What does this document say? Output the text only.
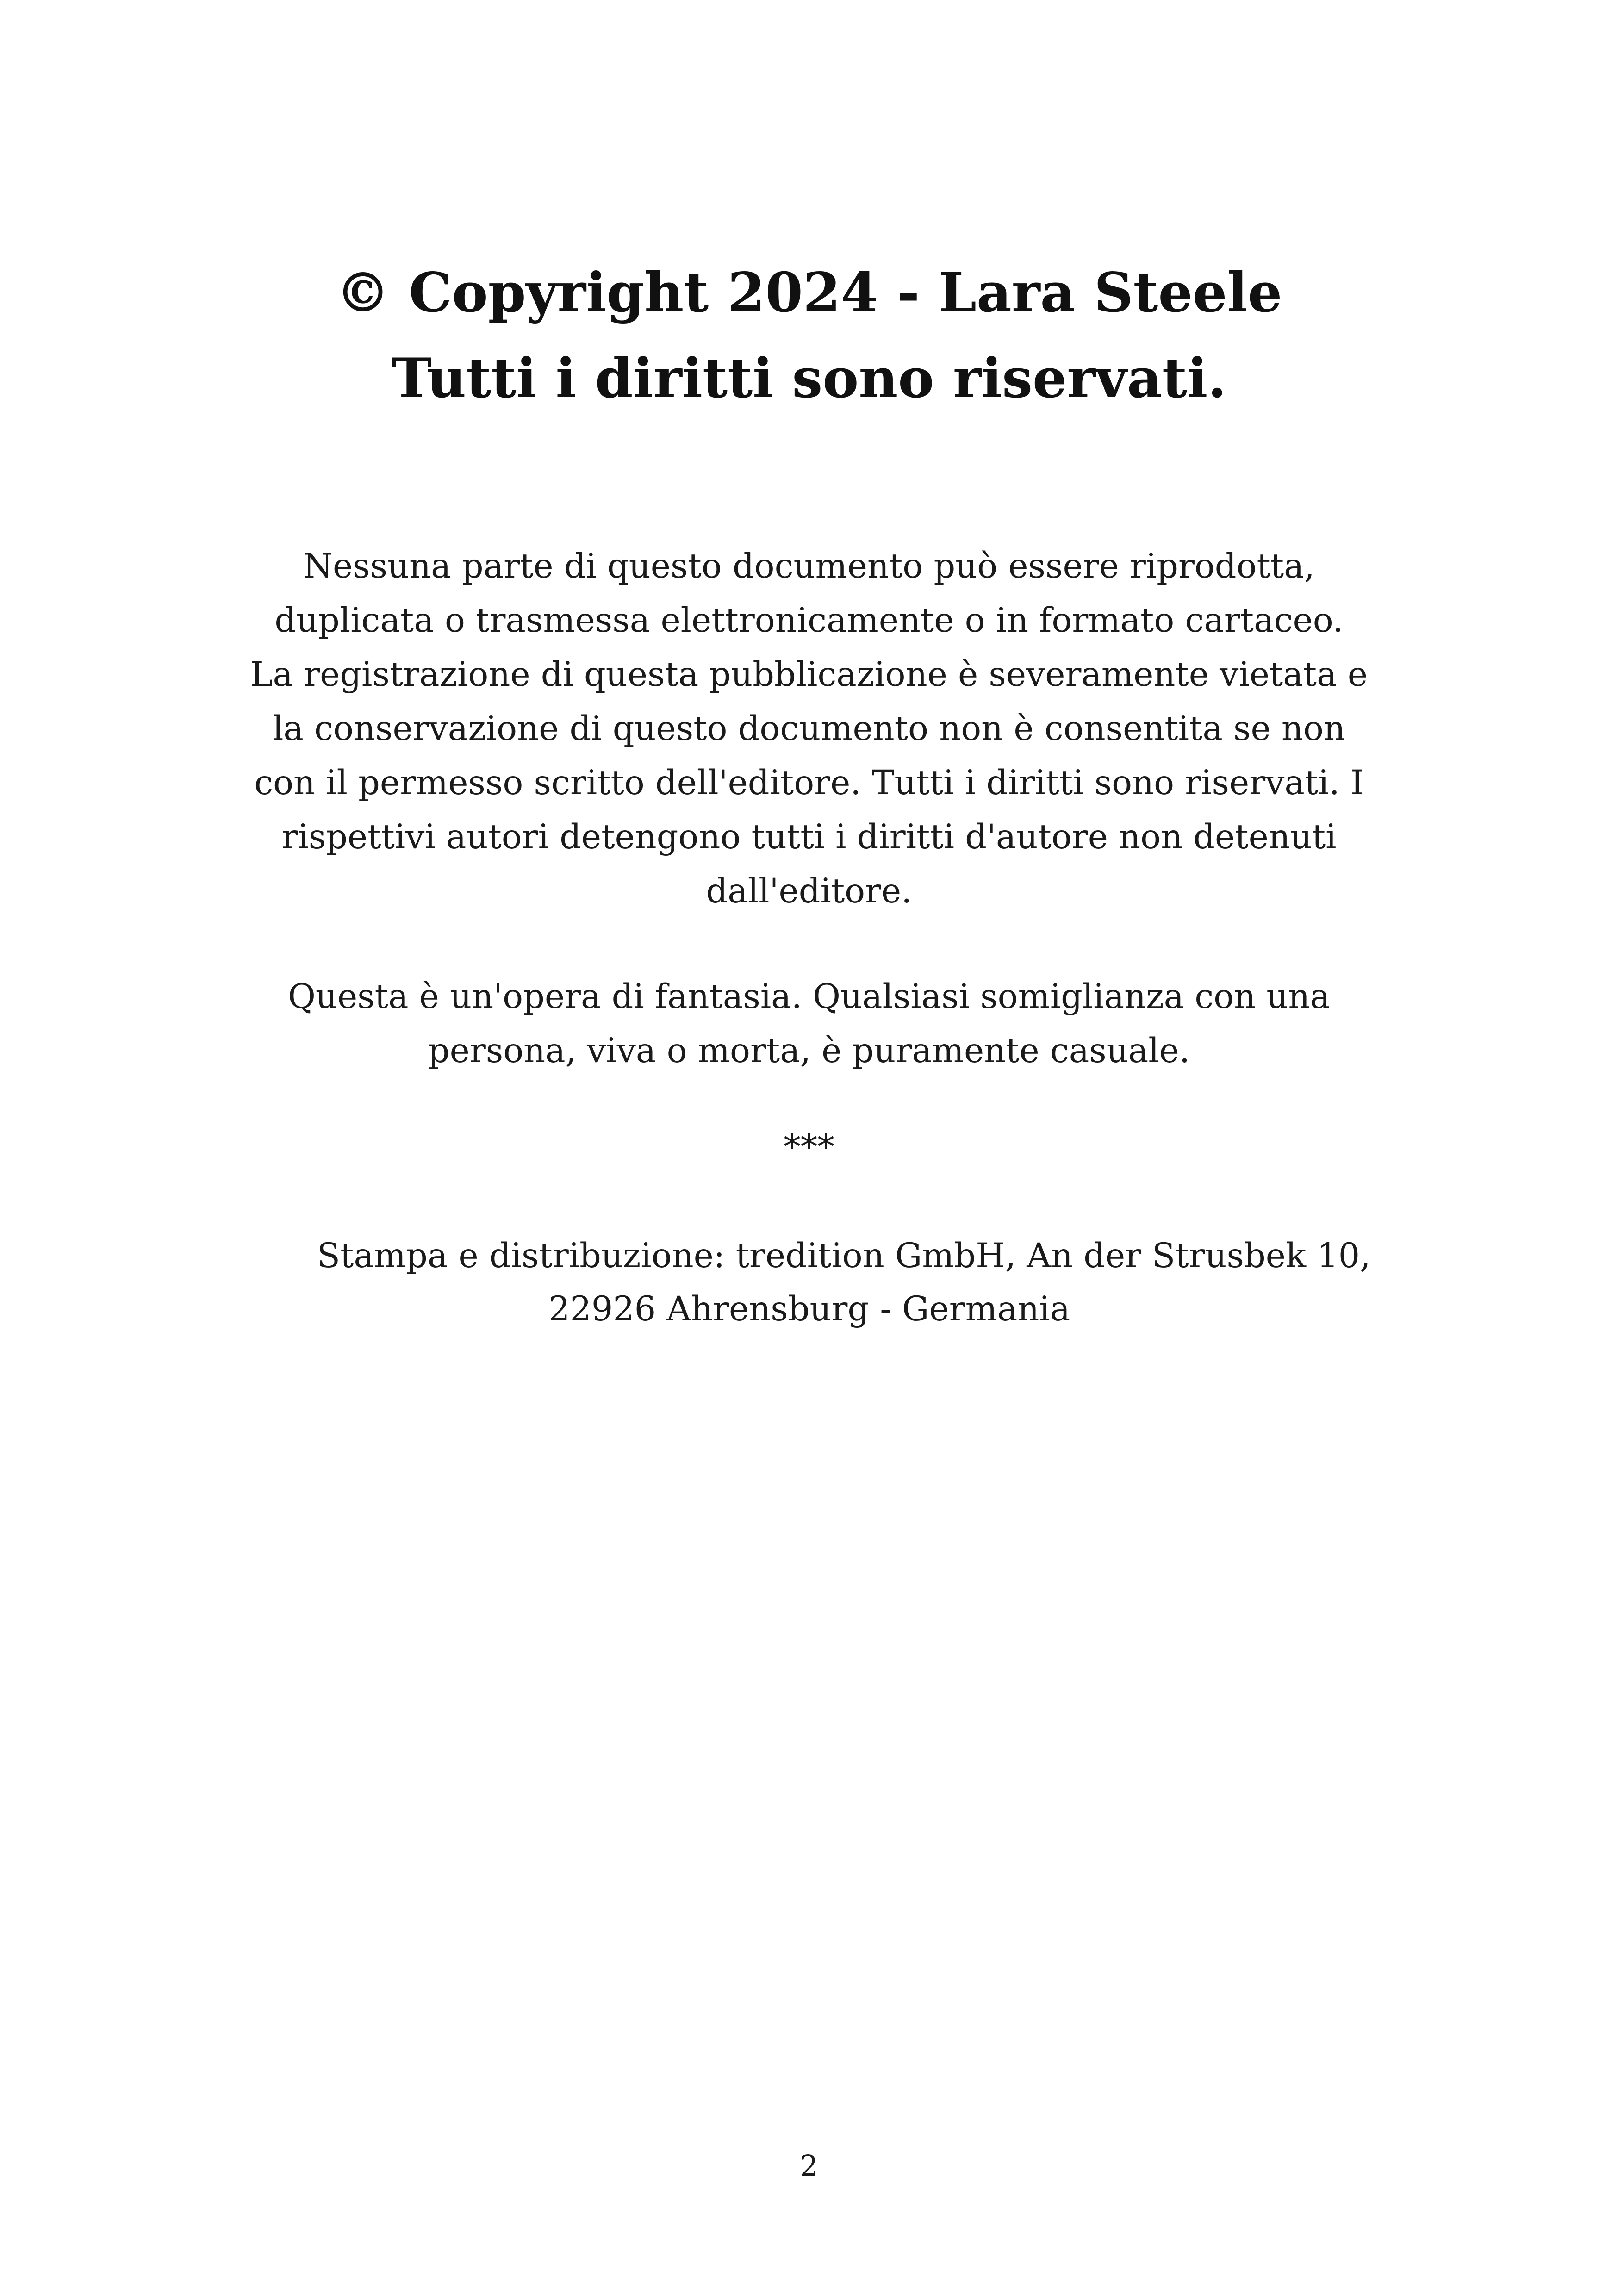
© Copyright 2024 - Lara Steele
Tutti i diritti sono riservati.
Nessuna parte di questo documento può essere riprodotta,
duplicata o trasmessa elettronicamente o in formato cartaceo.
La registrazione di questa pubblicazione è severamente vietata e
la conservazione di questo documento non è consentita se non
con il permesso scritto dell'editore. Tutti i diritti sono riservati. I
rispettivi autori detengono tutti i diritti d'autore non detenuti
dall'editore.
Questa è un'opera di fantasia. Qualsiasi somiglianza con una
persona, viva o morta, è puramente casuale.
***
Stampa e distribuzione: tredition GmbH, An der Strusbek 10,
22926 Ahrensburg - Germania
2
